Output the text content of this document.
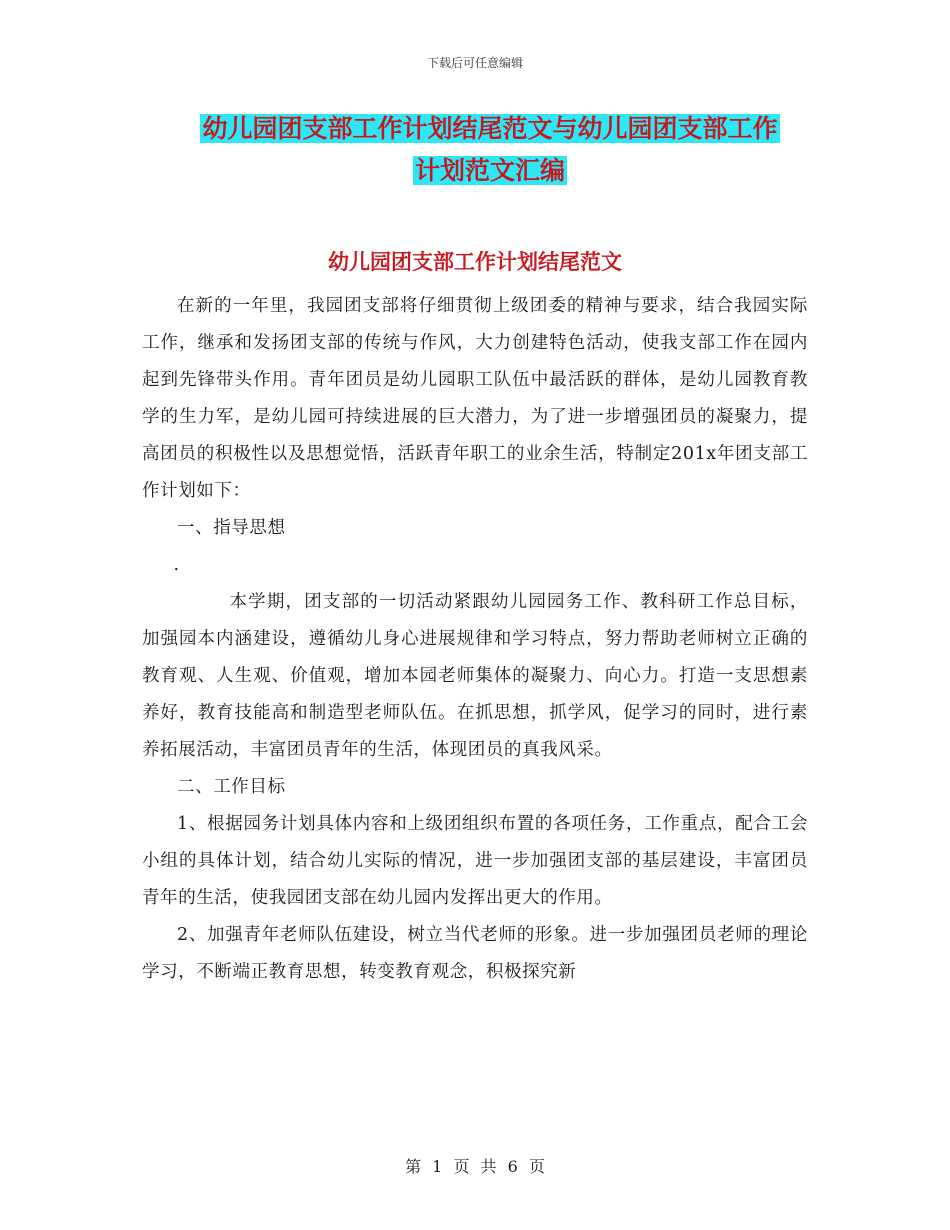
下载后可任意编辑
幼儿园团支部工作计划结尾范文与幼儿园团支部工作
计划范文汇编
幼儿园团支部工作计划结尾范文

在新的一年里，我园团支部将仔细贯彻上级团委的精神与要求，结合我园实际工作，继承和发扬团支部的传统与作风，大力创建特色活动，使我支部工作在园内起到先锋带头作用。青年团员是幼儿园职工队伍中最活跃的群体，是幼儿园教育教学的生力军，是幼儿园可持续进展的巨大潜力，为了进一步增强团员的凝聚力，提高团员的积极性以及思想觉悟，活跃青年职工的业余生活，特制定201x年团支部工作计划如下：

一、指导思想

.

本学期，团支部的一切活动紧跟幼儿园园务工作、教科研工作总目标，加强园本内涵建设，遵循幼儿身心进展规律和学习特点，努力帮助老师树立正确的教育观、人生观、价值观，增加本园老师集体的凝聚力、向心力。打造一支思想素养好，教育技能高和制造型老师队伍。在抓思想，抓学风，促学习的同时，进行素养拓展活动，丰富团员青年的生活，体现团员的真我风采。

二、工作目标

1、根据园务计划具体内容和上级团组织布置的各项任务，工作重点，配合工会小组的具体计划，结合幼儿实际的情况，进一步加强团支部的基层建设，丰富团员青年的生活，使我园团支部在幼儿园内发挥出更大的作用。

2、加强青年老师队伍建设，树立当代老师的形象。进一步加强团员老师的理论学习，不断端正教育思想，转变教育观念，积极探究新

第 1 页 共 6 页
